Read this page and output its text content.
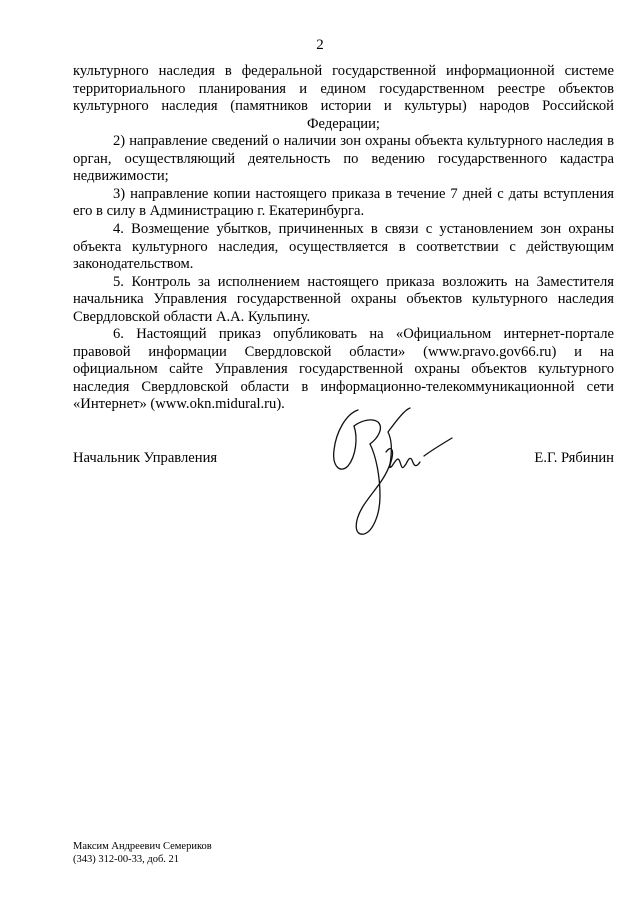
2

культурного наследия в федеральной государственной информационной системе территориального планирования и едином государственном реестре объектов культурного наследия (памятников истории и культуры) народов Российской Федерации;

2) направление сведений о наличии зон охраны объекта культурного наследия в орган, осуществляющий деятельность по ведению государственного кадастра недвижимости;

3) направление копии настоящего приказа в течение 7 дней с даты вступления его в силу в Администрацию г. Екатеринбурга.

4. Возмещение убытков, причиненных в связи с установлением зон охраны объекта культурного наследия, осуществляется в соответствии с действующим законодательством.

5. Контроль за исполнением настоящего приказа возложить на Заместителя начальника Управления государственной охраны объектов культурного наследия Свердловской области А.А. Кульпину.

6. Настоящий приказ опубликовать на «Официальном интернет-портале правовой информации Свердловской области» (www.pravo.gov66.ru) и на официальном сайте Управления государственной охраны объектов культурного наследия Свердловской области в информационно-телекоммуникационной сети «Интернет» (www.okn.midural.ru).

Начальник Управления	Е.Г. Рябинин
Максим Андреевич Семериков
(343) 312-00-33, доб. 21
